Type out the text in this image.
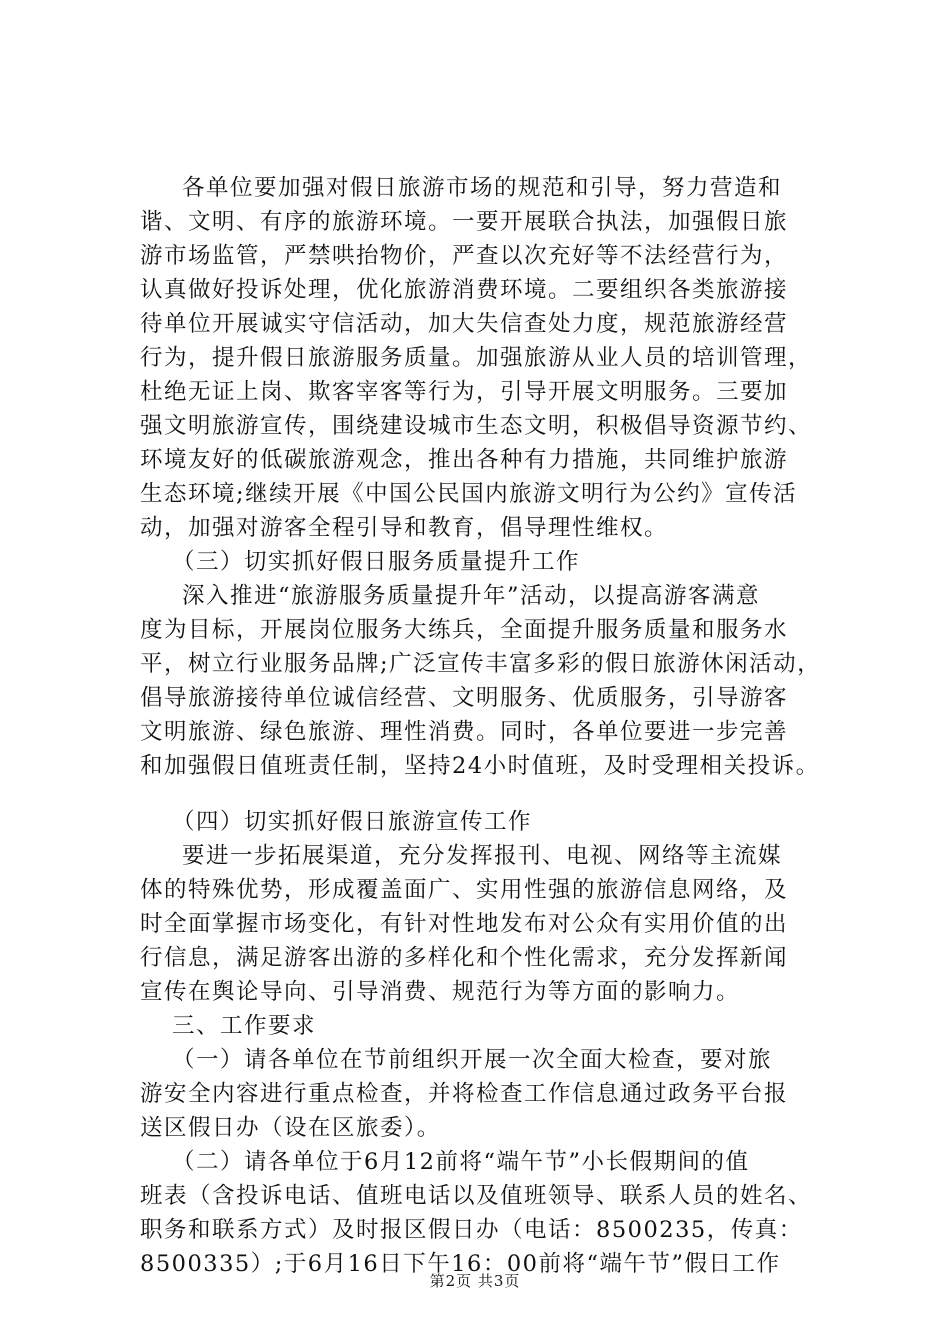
各单位要加强对假日旅游市场的规范和引导，努力营造和
谐、文明、有序的旅游环境。一要开展联合执法，加强假日旅
游市场监管，严禁哄抬物价，严查以次充好等不法经营行为，
认真做好投诉处理，优化旅游消费环境。二要组织各类旅游接
待单位开展诚实守信活动，加大失信查处力度，规范旅游经营
行为，提升假日旅游服务质量。加强旅游从业人员的培训管理，
杜绝无证上岗、欺客宰客等行为，引导开展文明服务。三要加
强文明旅游宣传，围绕建设城市生态文明，积极倡导资源节约、
环境友好的低碳旅游观念，推出各种有力措施，共同维护旅游
生态环境;继续开展《中国公民国内旅游文明行为公约》宣传活
动，加强对游客全程引导和教育，倡导理性维权。
（三）切实抓好假日服务质量提升工作
深入推进“旅游服务质量提升年”活动，以提高游客满意
度为目标，开展岗位服务大练兵，全面提升服务质量和服务水
平，树立行业服务品牌;广泛宣传丰富多彩的假日旅游休闲活动，
倡导旅游接待单位诚信经营、文明服务、优质服务，引导游客
文明旅游、绿色旅游、理性消费。同时，各单位要进一步完善
和加强假日值班责任制，坚持24小时值班，及时受理相关投诉。
（四）切实抓好假日旅游宣传工作
要进一步拓展渠道，充分发挥报刊、电视、网络等主流媒
体的特殊优势，形成覆盖面广、实用性强的旅游信息网络，及
时全面掌握市场变化，有针对性地发布对公众有实用价值的出
行信息，满足游客出游的多样化和个性化需求，充分发挥新闻
宣传在舆论导向、引导消费、规范行为等方面的影响力。
三、工作要求
（一）请各单位在节前组织开展一次全面大检查，要对旅
游安全内容进行重点检查，并将检查工作信息通过政务平台报
送区假日办（设在区旅委）。
（二）请各单位于6月12前将“端午节”小长假期间的值
班表（含投诉电话、值班电话以及值班领导、联系人员的姓名、
职务和联系方式）及时报区假日办（电话：8500235，传真：
8500335）;于6月16日下午16：00前将“端午节”假日工作
第2页 共3页
